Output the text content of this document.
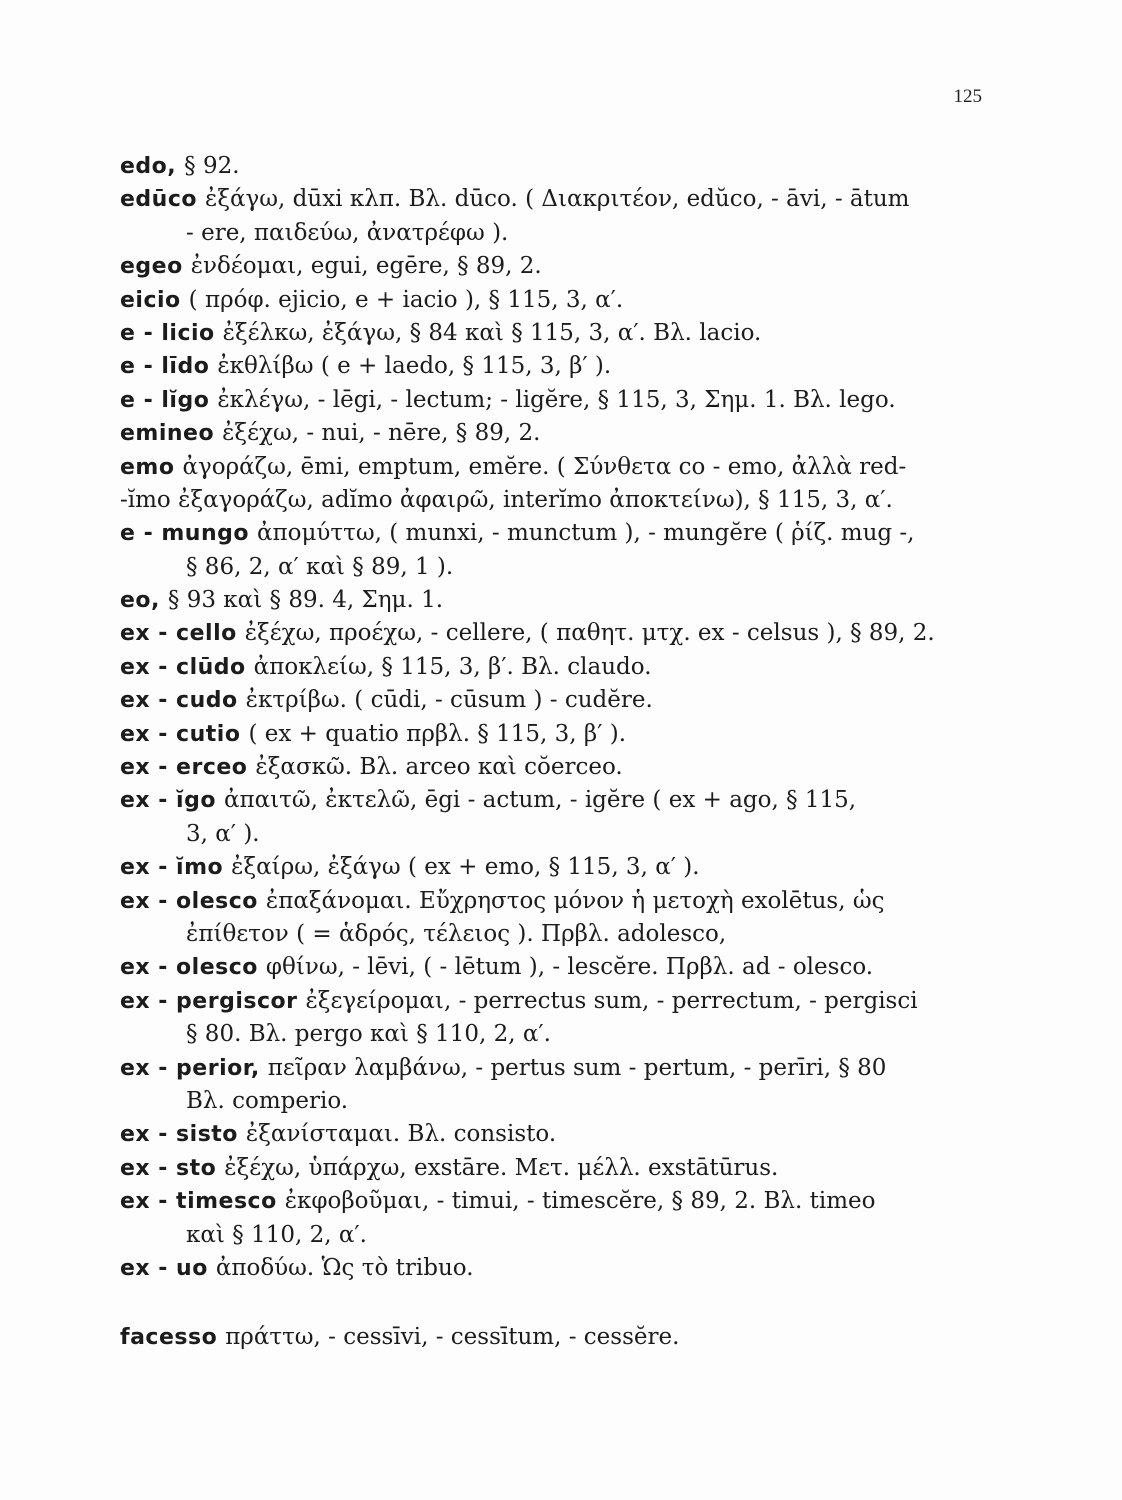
125
edo, § 92.
edūco ἐξάγω, dūxi κλπ. Βλ. dūco. ( Διακριτέον, edŭco, - āvi, - ātum
- ere, παιδεύω, ἀνατρέφω ).
egeo ἐνδέομαι, egui, egēre, § 89, 2.
eicio ( πρόφ. ejicio, e + iacio ), § 115, 3, α′.
e - licio ἐξέλκω, ἐξάγω, § 84 καὶ § 115, 3, α′. Βλ. lacio.
e - līdo ἐκθλίβω ( e + laedo, § 115, 3, β′ ).
e - lĭgo ἐκλέγω, - lēgi, - lectum; - ligĕre, § 115, 3, Σημ. 1. Βλ. lego.
emineo ἐξέχω, - nui, - nēre, § 89, 2.
emo ἀγοράζω, ēmi, emptum, emĕre. ( Σύνθετα co - emo, ἀλλὰ red-
-ĭmo ἐξαγοράζω, adĭmo ἀφαιρῶ, interĭmo ἀποκτείνω), § 115, 3, α′.
e - mungo ἀπομύττω, ( munxi, - munctum ), - mungĕre ( ῥίζ. mug -,
§ 86, 2, α′ καὶ § 89, 1 ).
eo, § 93 καὶ § 89. 4, Σημ. 1.
ex - cello ἐξέχω, προέχω, - cellere, ( παθητ. μτχ. ex - celsus ), § 89, 2.
ex - clūdo ἀποκλείω, § 115, 3, β′. Βλ. claudo.
ex - cudo ἐκτρίβω. ( cūdi, - cūsum ) - cudĕre.
ex - cutio ( ex + quatio πρβλ. § 115, 3, β′ ).
ex - erceo ἐξασκῶ. Βλ. arceo καὶ cŏerceo.
ex - ĭgo ἀπαιτῶ, ἐκτελῶ, ēgi - actum, - igĕre ( ex + ago, § 115,
3, α′ ).
ex - ĭmo ἐξαίρω, ἐξάγω ( ex + emo, § 115, 3, α′ ).
ex - olesco ἐπαξάνομαι. Εὔχρηστος μόνον ἡ μετοχὴ exolētus, ὡς
ἐπίθετον ( = ἁδρός, τέλειος ). Πρβλ. adolesco,
ex - olesco φθίνω, - lēvi, ( - lētum ), - lescĕre. Πρβλ. ad - olesco.
ex - pergiscor ἐξεγείρομαι, - perrectus sum, - perrectum, - pergisci
§ 80. Βλ. pergo καὶ § 110, 2, α′.
ex - perior, πεῖραν λαμβάνω, - pertus sum - pertum, - perīri, § 80
Βλ. comperio.
ex - sisto ἐξανίσταμαι. Βλ. consisto.
ex - sto ἐξέχω, ὑπάρχω, exstāre. Μετ. μέλλ. exstātūrus.
ex - timesco ἐκφοβοῦμαι, - timui, - timescĕre, § 89, 2. Βλ. timeo
καὶ § 110, 2, α′.
ex - uo ἀποδύω. Ὡς τὸ tribuo.
facesso πράττω, - cessīvi, - cessītum, - cessĕre.
